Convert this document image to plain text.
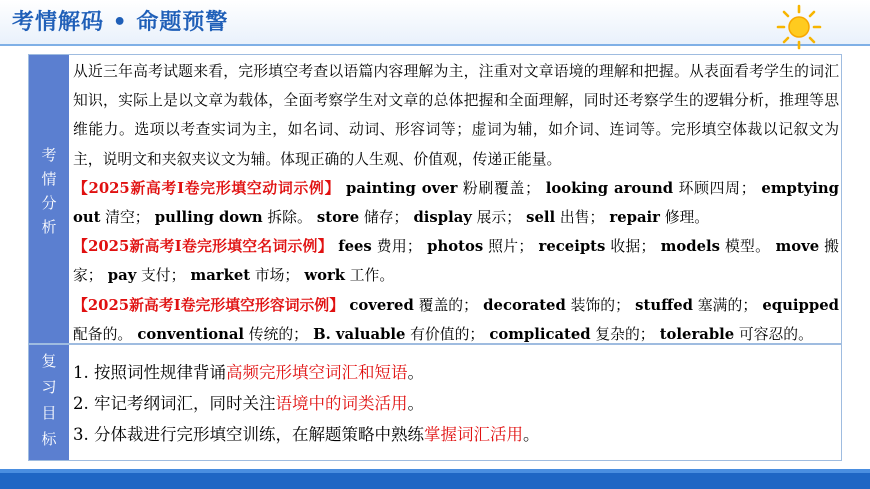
考情解码 • 命题预警
考
情
分
析
复
习
目
标
从近三年高考试题来看，完形填空考查以语篇内容理解为主，注重对文章语境的理解和把握。从表面看考学生的词汇知识，实际上是以文章为载体，全面考察学生对文章的总体把握和全面理解，同时还考察学生的逻辑分析，推理等思维能力。选项以考查实词为主，如名词、动词、形容词等；虚词为辅，如介词、连词等。完形填空体裁以记叙文为主，说明文和夹叙夹议文为辅。体现正确的人生观、价值观，传递正能量。
【2025新高考I卷完形填空动词示例】 painting over 粉刷覆盖； looking around 环顾四周； emptying out 清空； pulling down 拆除。 store 储存； display 展示； sell 出售； repair 修理。
【2025新高考I卷完形填空名词示例】 fees 费用； photos 照片； receipts 收据； models 模型。 move 搬家； pay 支付； market 市场； work 工作。
【2025新高考I卷完形填空形容词示例】 covered 覆盖的； decorated 装饰的； stuffed 塞满的； equipped 配备的。 conventional 传统的； B. valuable 有价值的； complicated 复杂的； tolerable 可容忍的。
1. 按照词性规律背诵高频完形填空词汇和短语。
2. 牢记考纲词汇，同时关注语境中的词类活用。
3. 分体裁进行完形填空训练，在解题策略中熟练掌握词汇活用。
